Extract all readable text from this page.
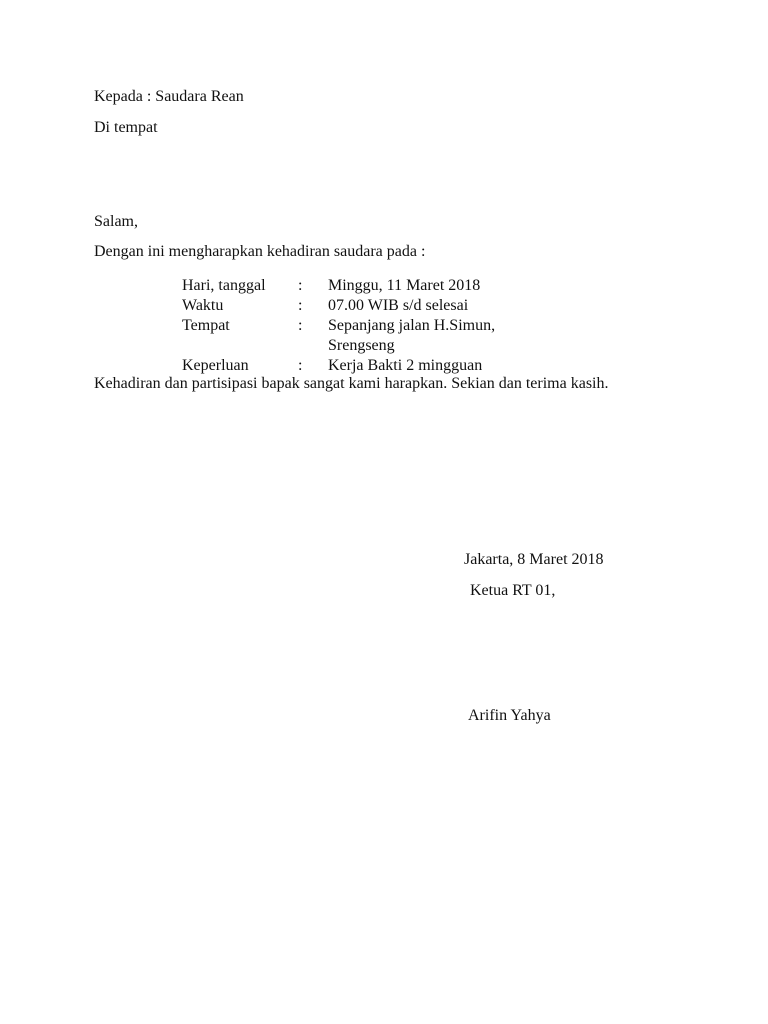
Kepada : Saudara Rean
Di tempat
Salam,
Dengan ini mengharapkan kehadiran saudara pada :
Hari, tanggal : Minggu, 11 Maret 2018
Waktu	: 07.00 WIB s/d selesai
Tempat	: Sepanjang jalan H.Simun,
Srengseng
Keperluan	: Kerja Bakti 2 mingguan
Kehadiran dan partisipasi bapak sangat kami harapkan. Sekian dan terima kasih.
Jakarta, 8 Maret 2018
Ketua RT 01,
Arifin Yahya
